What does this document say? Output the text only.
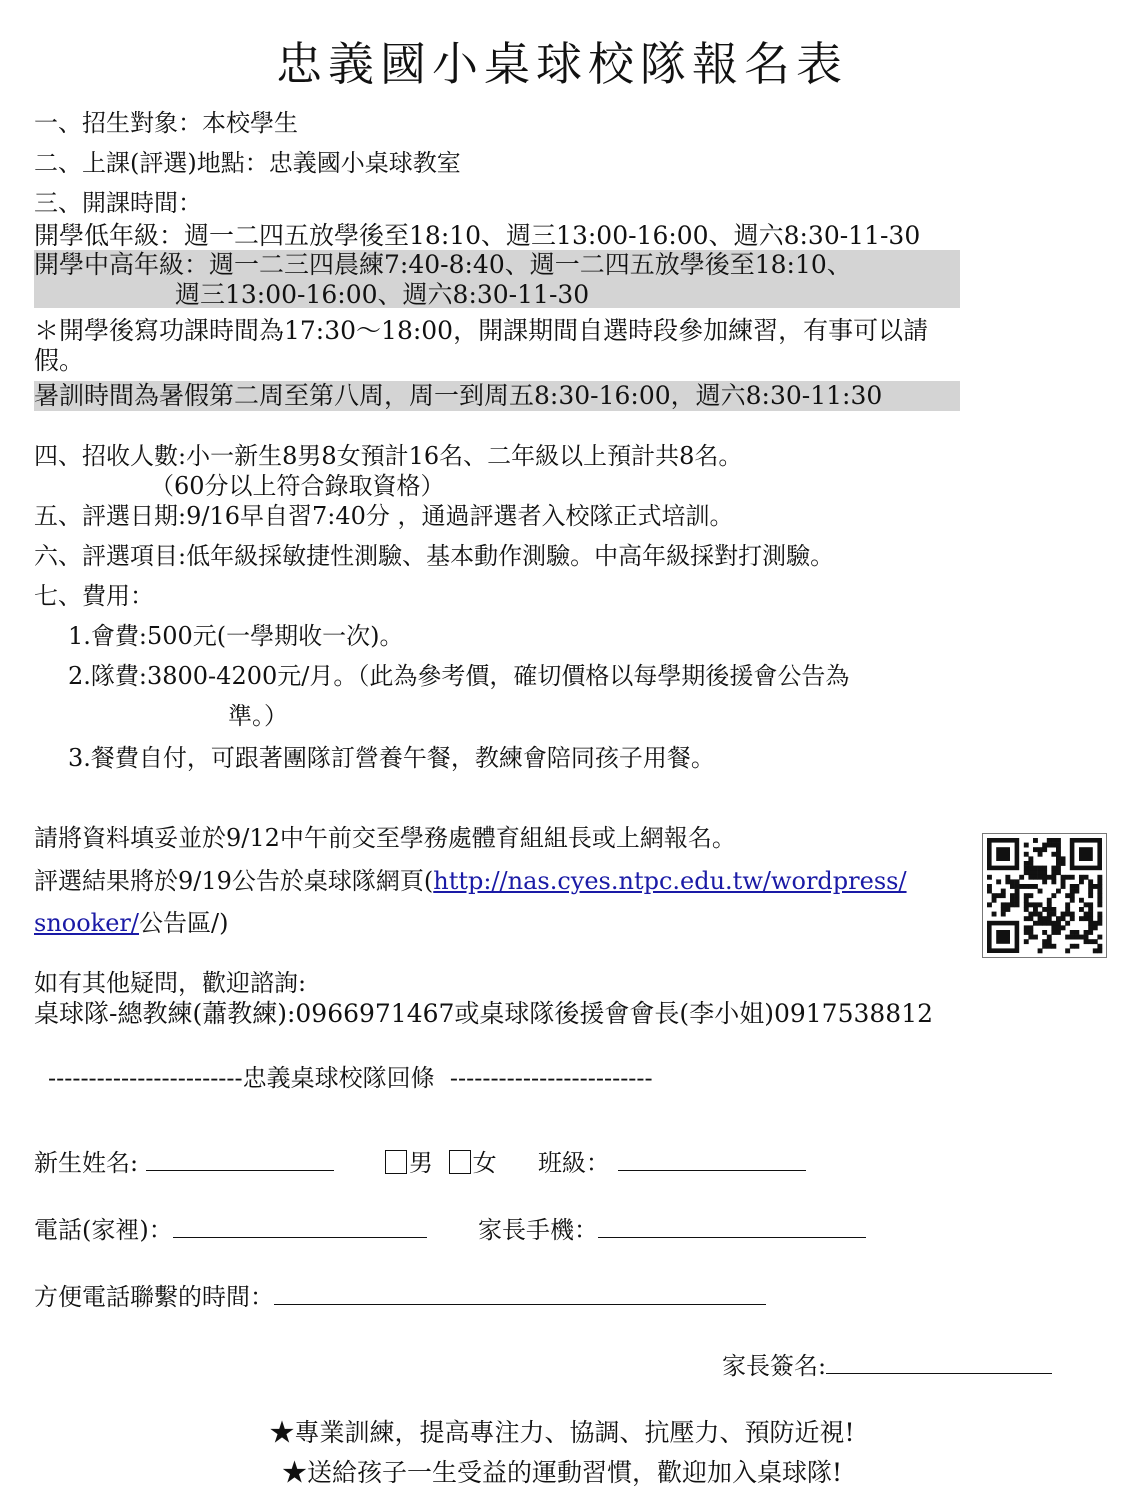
忠義國小桌球校隊報名表
一、招生對象：本校學生
二、上課(評選)地點：忠義國小桌球教室
三、開課時間：
開學低年級：週一二四五放學後至18:10、週三13:00-16:00、週六8:30-11-30
開學中高年級：週一二三四晨練7:40-8:40、週一二四五放學後至18:10、
週三13:00-16:00、週六8:30-11-30
＊開學後寫功課時間為17:30～18:00，開課期間自選時段參加練習，有事可以請
假。
暑訓時間為暑假第二周至第八周，周一到周五8:30-16:00，週六8:30-11:30
四、招收人數:小一新生8男8女預計16名、二年級以上預計共8名。
（60分以上符合錄取資格）
五、評選日期:9/16早自習7:40分 ，通過評選者入校隊正式培訓。
六、評選項目:低年級採敏捷性測驗、基本動作測驗。中高年級採對打測驗。
七、費用：
1.會費:500元(一學期收一次)。
2.隊費:3800-4200元/月。（此為參考價，確切價格以每學期後援會公告為
準。）
3.餐費自付，可跟著團隊訂營養午餐，教練會陪同孩子用餐。
請將資料填妥並於9/12中午前交至學務處體育組組長或上網報名。
評選結果將於9/19公告於桌球隊網頁(http://nas.cyes.ntpc.edu.tw/wordpress/
snooker/公告區/)
如有其他疑問，歡迎諮詢:
桌球隊-總教練(蕭教練):0966971467或桌球隊後援會會長(李小姐)0917538812
------------------------忠義桌球校隊回條 -------------------------
新生姓名:	男 女 班級：
電話(家裡)：	家長手機：
方便電話聯繫的時間：
家長簽名:
★專業訓練，提高專注力、協調、抗壓力、預防近視!
★送給孩子一生受益的運動習慣，歡迎加入桌球隊!
